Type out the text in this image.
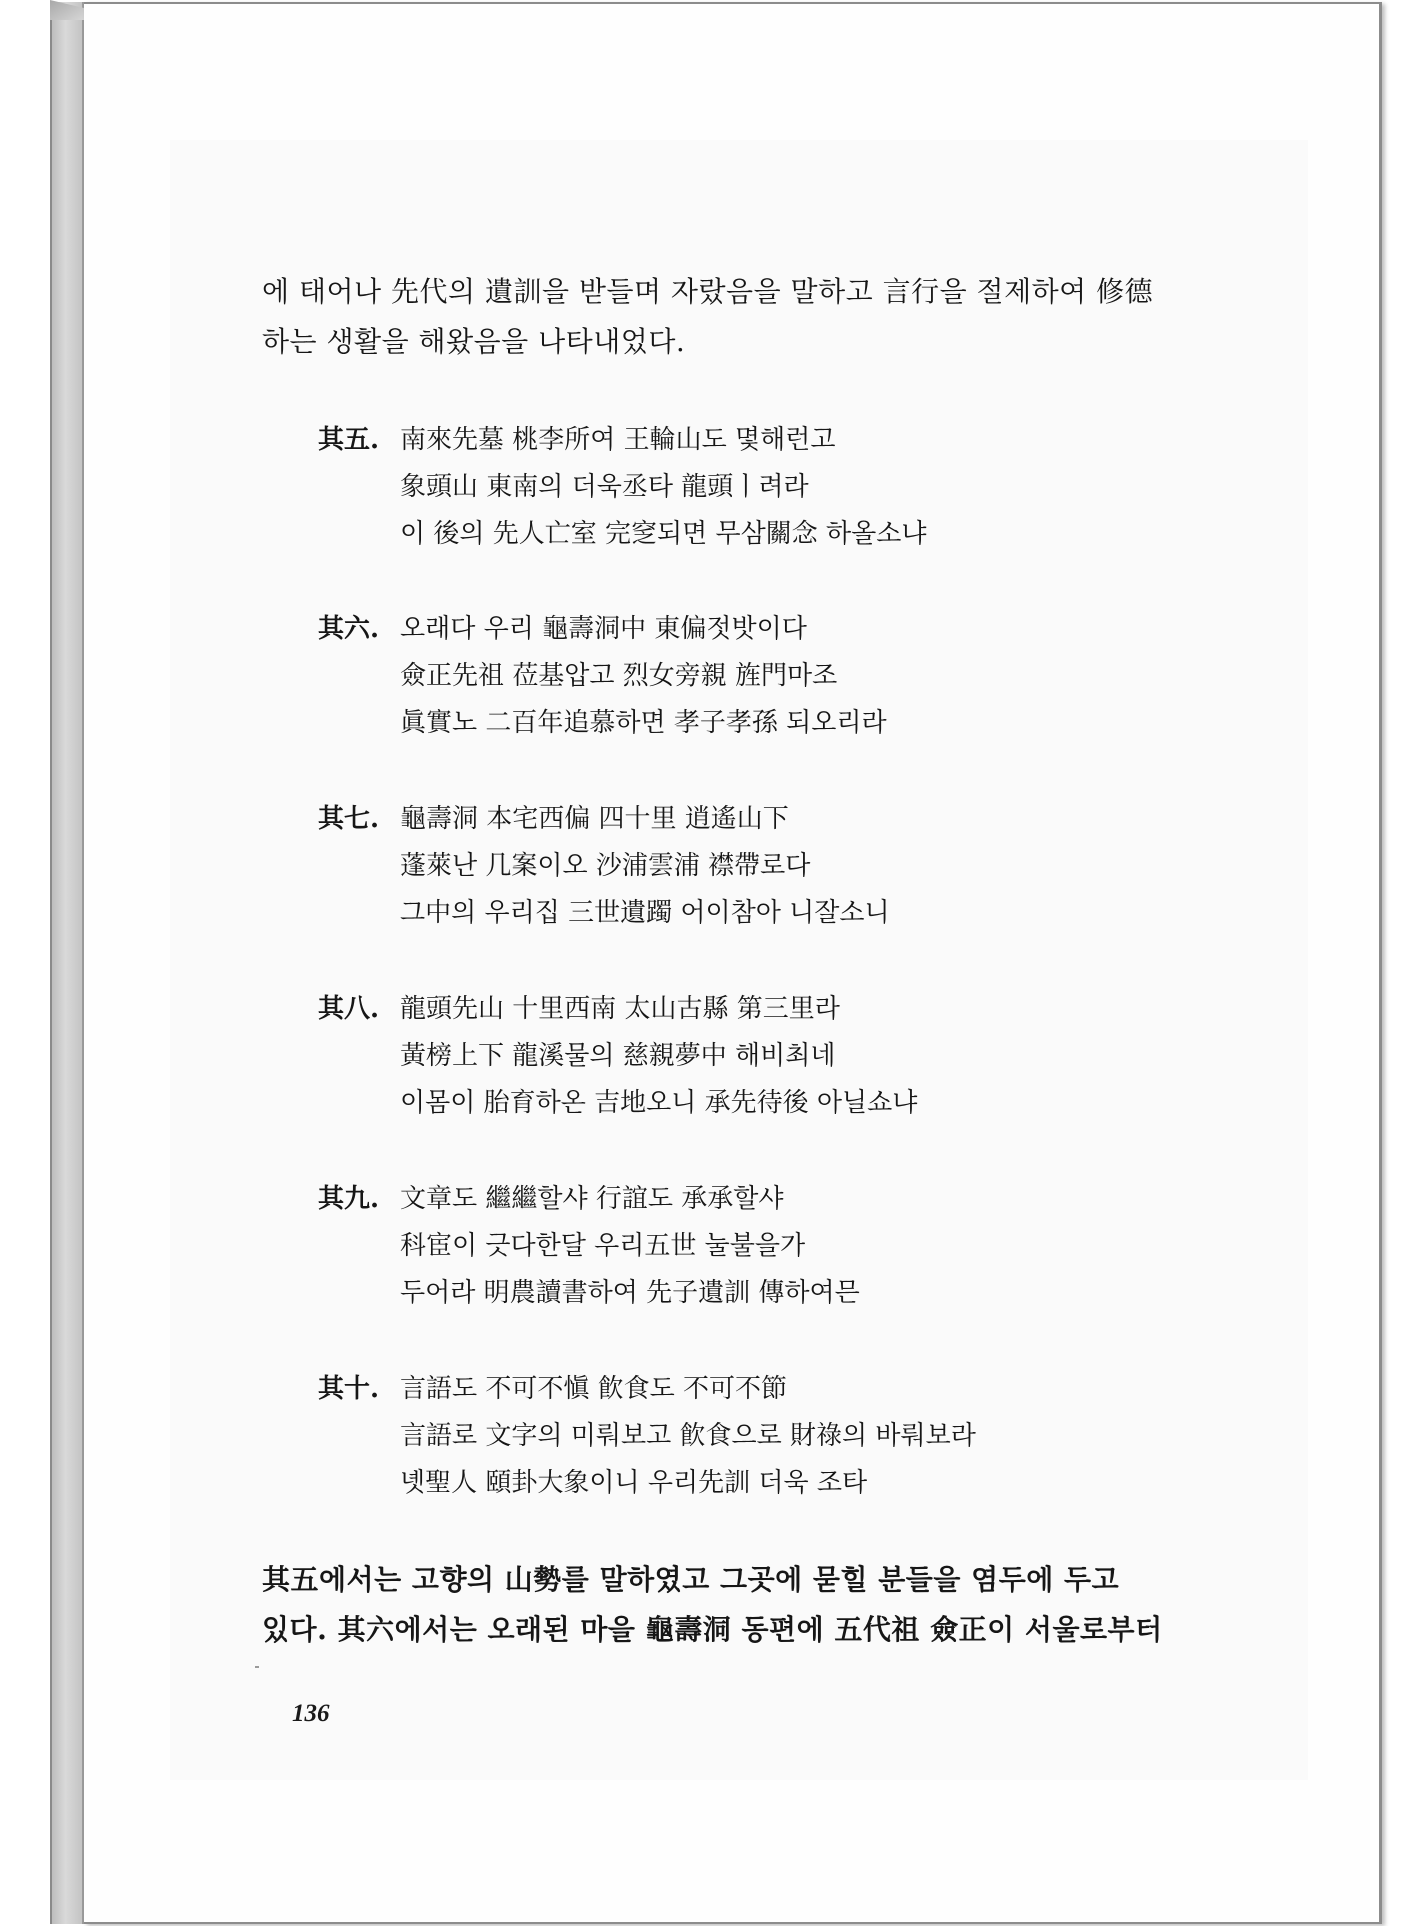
에 태어나 先代의 遺訓을 받들며 자랐음을 말하고 言行을 절제하여 修德
하는 생활을 해왔음을 나타내었다.

其五. 南來先墓 桃李所여 王輪山도 몇해런고
象頭山 東南의 더욱丞타 龍頭ㅣ려라
이 後의 先人亡室 完窆되면 무삼關念 하올소냐
其六. 오래다 우리 龜壽洞中 東偏젓밧이다
僉正先祖 莅基압고 烈女旁親 旌門마조
眞實노 二百年追慕하면 孝子孝孫 되오리라
其七. 龜壽洞 本宅西偏 四十里 逍遙山下
蓬萊난 几案이오 沙浦雲浦 襟帶로다
그中의 우리집 三世遺躅 어이참아 니잘소니
其八. 龍頭先山 十里西南 太山古縣 第三里라
黃榜上下 龍溪물의 慈親夢中 해비최네
이몸이 胎育하온 吉地오니 承先待後 아닐쇼냐
其九. 文章도 繼繼할샤 行誼도 承承할샤
科宦이 긋다한달 우리五世 눌불을가
두어라 明農讀書하여 先子遺訓 傳하여믄
其十. 言語도 不可不愼 飮食도 不可不節
言語로 文字의 미뤄보고 飮食으로 財祿의 바뤄보라
녯聖人 頤卦大象이니 우리先訓 더욱 조타

其五에서는 고향의 山勢를 말하였고 그곳에 묻힐 분들을 염두에 두고
있다. 其六에서는 오래된 마을 龜壽洞 동편에 五代祖 僉正이 서울로부터

136
